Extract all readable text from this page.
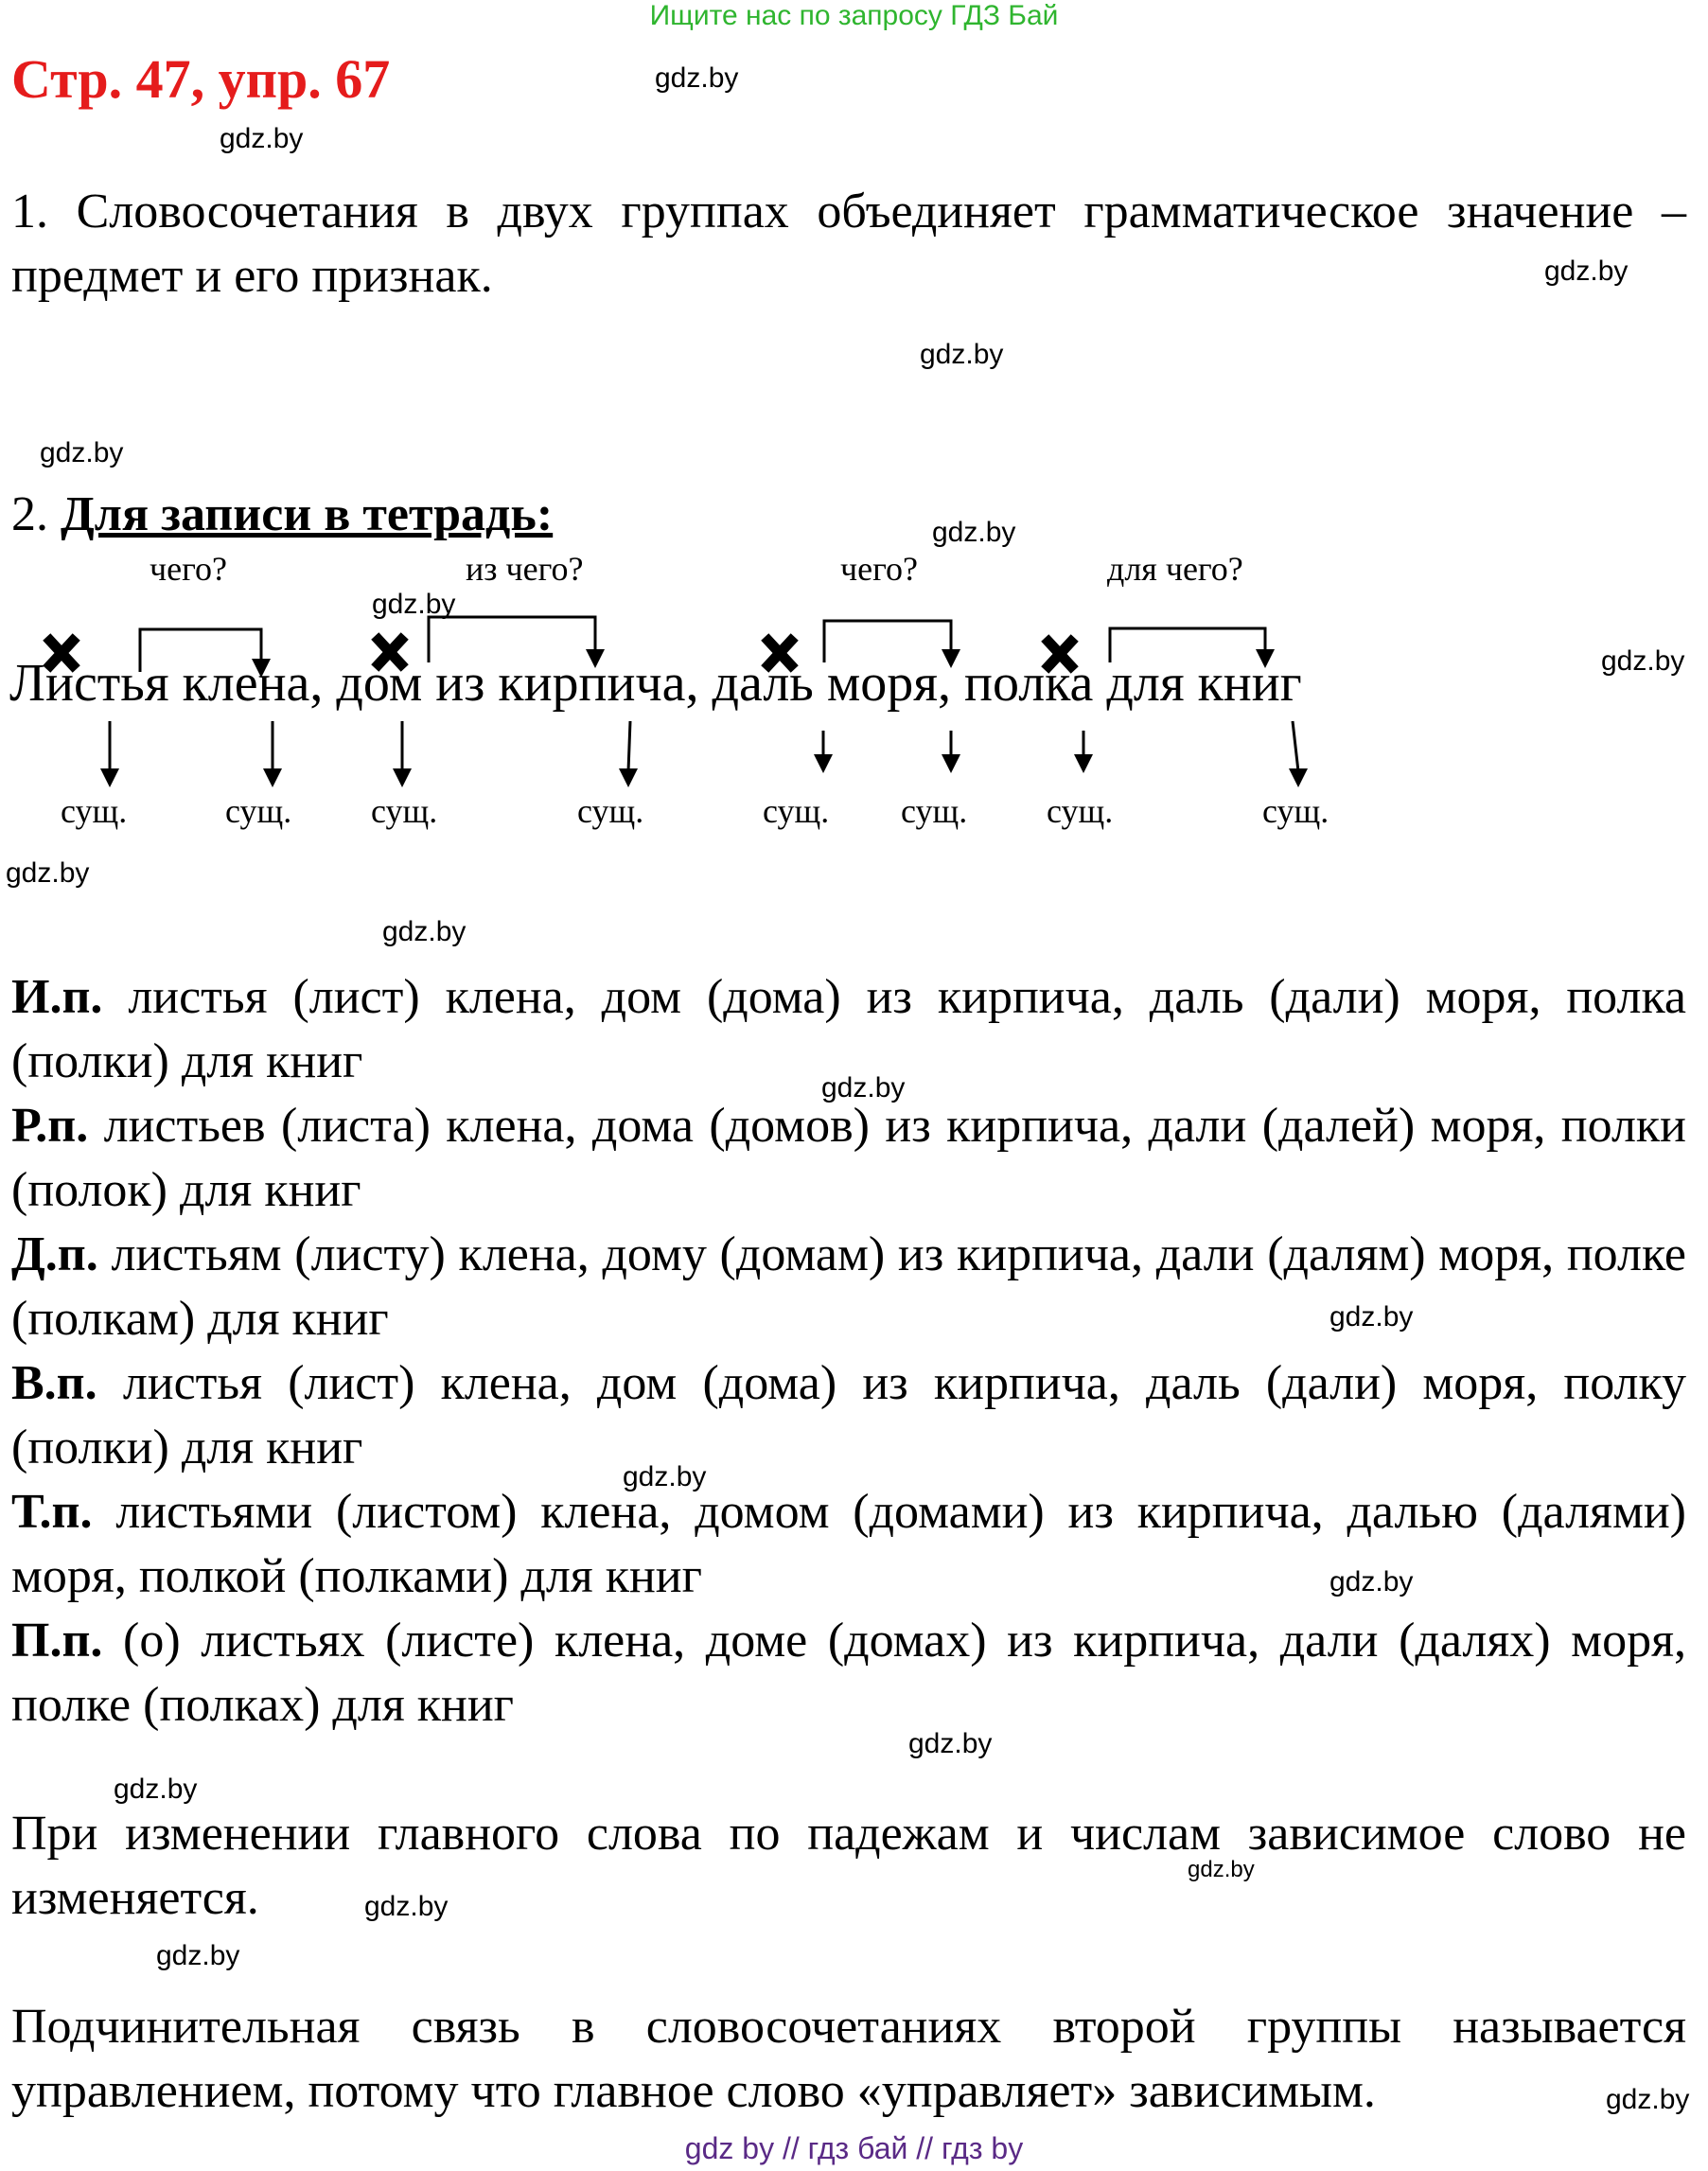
Ищите нас по запросу ГДЗ Бай
Стр. 47, упр. 67	gdz.by
gdz.by
gdz.by
gdz.by
gdz.by
gdz.by
gdz.by
gdz.by
gdz.by
gdz.by
gdz.by
gdz.by
gdz.by
gdz.by
gdz.by
gdz.by
gdz.by
gdz.by
gdz.by
gdz.by
1. Словосочетания в двух группах объединяет грамматическое значение – предмет и его признак.
2. Для записи в тетрадь:
чего?	из чего?	чего?	для чего?
Листья клена, дом из кирпича, даль моря, полка для книг
сущ.	сущ. сущ.	сущ.	сущ. сущ. сущ.	сущ.
И.п. листья (лист) клена, дом (дома) из кирпича, даль (дали) моря, полка (полки) для книг
Р.п. листьев (листа) клена, дома (домов) из кирпича, дали (далей) моря, полки (полок) для книг
Д.п. листьям (листу) клена, дому (домам) из кирпича, дали (далям) моря, полке (полкам) для книг
В.п. листья (лист) клена, дом (дома) из кирпича, даль (дали) моря, полку (полки) для книг
Т.п. листьями (листом) клена, домом (домами) из кирпича, далью (далями) моря, полкой (полками) для книг
П.п. (о) листьях (листе) клена, доме (домах) из кирпича, дали (далях) моря, полке (полках) для книг
При изменении главного слова по падежам и числам зависимое слово не изменяется.
Подчинительная связь в словосочетаниях второй группы называется управлением, потому что главное слово «управляет» зависимым.
gdz by // гдз бай // гдз by
